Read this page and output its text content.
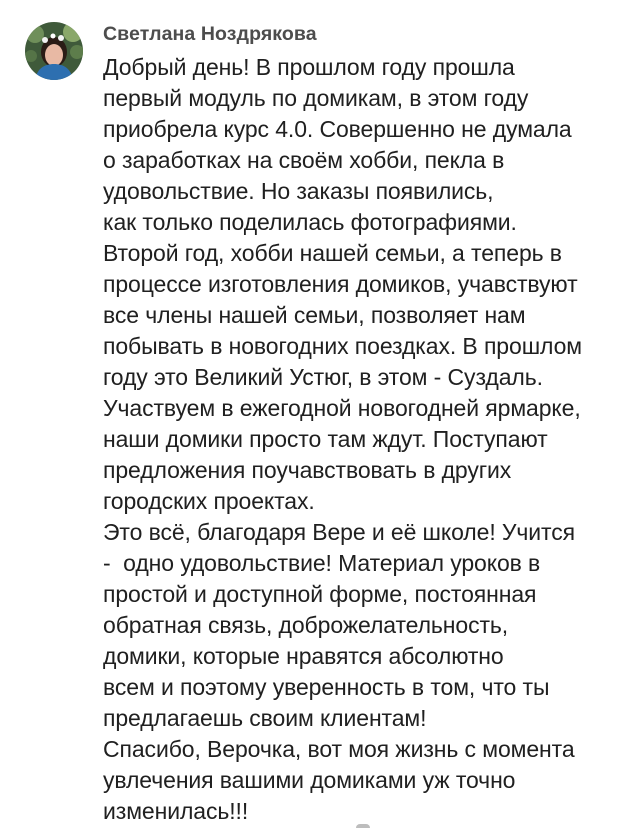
Светлана Ноздрякова
Добрый день! В прошлом году прошла
первый модуль по домикам, в этом году
приобрела курс 4.0. Совершенно не думала
о заработках на своём хобби, пекла в
удовольствие. Но заказы появились,
как только поделилась фотографиями.
Второй год, хобби нашей семьи, а теперь в
процессе изготовления домиков, учавствуют
все члены нашей семьи, позволяет нам
побывать в новогодних поездках. В прошлом
году это Великий Устюг, в этом - Суздаль.
Участвуем в ежегодной новогодней ярмарке,
наши домики просто там ждут. Поступают
предложения поучавствовать в других
городских проектах.
Это всё, благодаря Вере и её школе! Учится
-  одно удовольствие! Материал уроков в
простой и доступной форме, постоянная
обратная связь, доброжелательность,
домики, которые нравятся абсолютно
всем и поэтому уверенность в том, что ты
предлагаешь своим клиентам!
Спасибо, Верочка, вот моя жизнь с момента
увлечения вашими домиками уж точно
изменилась!!!
